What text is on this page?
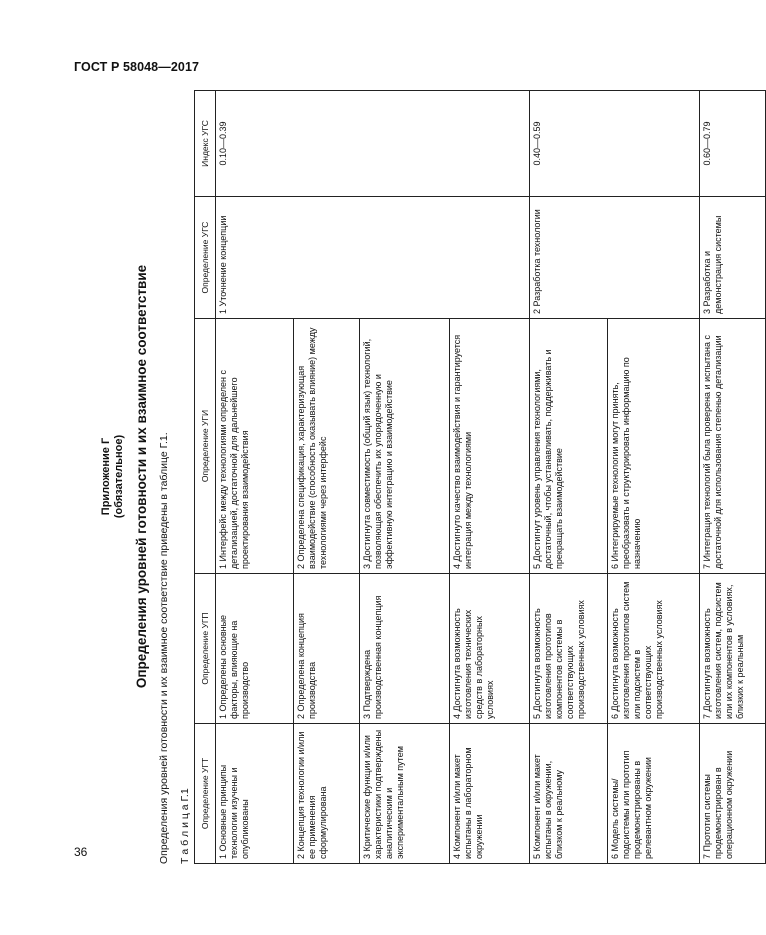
ГОСТ Р 58048—2017
Приложение Г (обязательное) Определения уровней готовности и их взаимное соответствие Определения уровней готовности и их взаимное соответствие приведены в таблице Г.1. Т а б л и ц а Г.1 Определение УГТ	Определение УГП	Определение УГИ	Определение УГС	Индекс УГС
1 Основные принципы технологии изучены и опубликованы	1 Определены основные факторы, влияющие на производство	1 Интерфейс между технологиями определен с детализацией, достаточной для дальнейшего проектирования взаимодействия	1 Уточнение концепции	0.10—0.39
2 Концепция технологии и/или ее применения сформулирована	2 Определена концепция производства	2 Определена спецификация, характеризующая взаимодействие (способность оказывать влияние) между технологиями через интерфейс		
3 Критические функции и/или характеристики подтверждены аналитическим и экспериментальным путем	3 Подтверждена производственная концепция	3 Достигнута совместимость (общий язык) технологий, позволяющая обеспечить их упорядоченную и эффективную интеграцию и взаимодействие		
4 Компонент и/или макет испытаны в лабораторном окружении	4 Достигнута возможность изготовления технических средств в лабораторных условиях	4 Достигнуто качество взаимодействия и гарантируется интеграция между технологиями		
5 Компонент и/или макет испытаны в окружении, близком к реальному	5 Достигнута возможность изготовления прототипов компонентов системы в соответствующих производственных условиях	5 Достигнут уровень управления технологиями, достаточный, чтобы устанавливать, поддерживать и прекращать взаимодействие	2 Разработка технологии	0.40—0.59
6 Модель системы/подсистемы или прототип продемонстрированы в релевантном окружении	6 Достигнута возможность изготовления прототипов систем или подсистем в соответствующих производственных условиях	6 Интегрируемые технологии могут принять, преобразовать и структурировать информацию по назначению		
7 Прототип системы продемонстрирован в операционном окружении	7 Достигнута возможность изготовления систем, подсистем или их компонентов в условиях, близких к реальным	7 Интеграция технологий была проверена и испытана с достаточной для использования степенью детализации	3 Разработка и демонстрация системы	0.60—0.79
36
